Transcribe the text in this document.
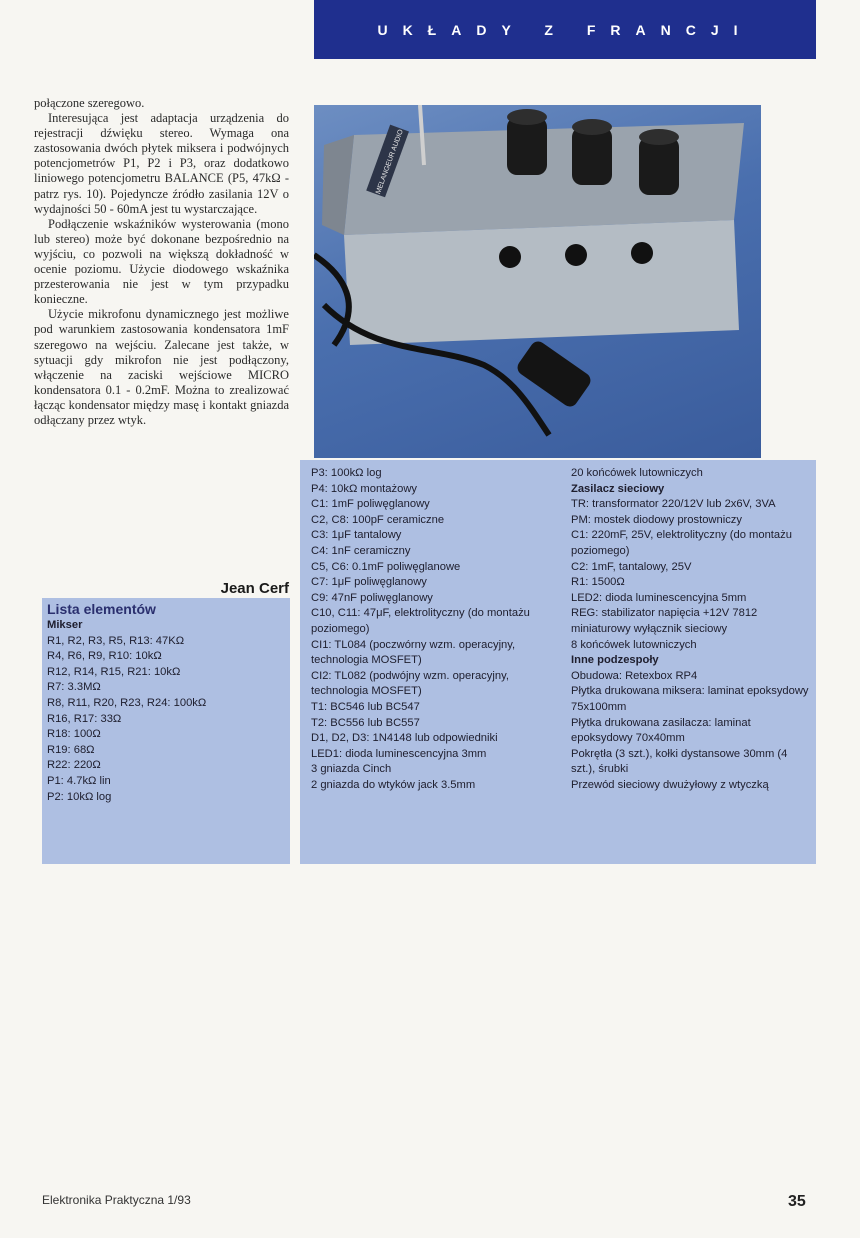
UKŁADY Z FRANCJI

połączone szeregowo.

Interesująca jest adaptacja urządzenia do rejestracji dźwięku stereo. Wymaga ona zastosowania dwóch płytek miksera i podwójnych potencjometrów P1, P2 i P3, oraz dodatkowo liniowego potencjometru BALANCE (P5, 47kΩ - patrz rys. 10). Pojedyncze źródło zasilania 12V o wydajności 50 - 60mA jest tu wystarczające.

Podłączenie wskaźników wysterowania (mono lub stereo) może być dokonane bezpośrednio na wyjściu, co pozwoli na większą dokładność w ocenie poziomu. Użycie diodowego wskaźnika przesterowania nie jest w tym przypadku konieczne.

Użycie mikrofonu dynamicznego jest możliwe pod warunkiem zastosowania kondensatora 1mF szeregowo na wejściu. Zalecane jest także, w sytuacji gdy mikrofon nie jest podłączony, włączenie na zaciski wejściowe MICRO kondensatora 0.1 - 0.2mF. Można to zrealizować łącząc kondensator między masę i kontakt gniazda odłączany przez wtyk.

Jean Cerf
MELANGEUR AUDIO
Lista elementów
Mikser
R1, R2, R3, R5, R13: 47KΩ
R4, R6, R9, R10: 10kΩ
R12, R14, R15, R21: 10kΩ
R7: 3.3MΩ
R8, R11, R20, R23, R24: 100kΩ
R16, R17: 33Ω
R18: 100Ω
R19: 68Ω
R22: 220Ω
P1: 4.7kΩ lin
P2: 10kΩ log
P3: 100kΩ log
P4: 10kΩ montażowy
C1: 1mF poliwęglanowy
C2, C8: 100pF ceramiczne
C3: 1μF tantalowy
C4: 1nF ceramiczny
C5, C6: 0.1mF poliwęglanowe
C7: 1μF poliwęglanowy
C9: 47nF poliwęglanowy
C10, C11: 47μF, elektrolityczny (do montażu poziomego)
CI1: TL084 (poczwórny wzm. operacyjny, technologia MOSFET)
CI2: TL082 (podwójny wzm. operacyjny, technologia MOSFET)
T1: BC546 lub BC547
T2: BC556 lub BC557
D1, D2, D3: 1N4148 lub odpowiedniki
LED1: dioda luminescencyjna 3mm
3 gniazda Cinch
2 gniazda do wtyków jack 3.5mm
20 końcówek lutowniczych
Zasilacz sieciowy
TR: transformator 220/12V lub 2x6V, 3VA
PM: mostek diodowy prostowniczy
C1: 220mF, 25V, elektrolityczny (do montażu poziomego)
C2: 1mF, tantalowy, 25V
R1: 1500Ω
LED2: dioda luminescencyjna 5mm
REG: stabilizator napięcia +12V 7812 miniaturowy wyłącznik sieciowy
8 końcówek lutowniczych
Inne podzespoły
Obudowa: Retexbox RP4
Płytka drukowana miksera: laminat epoksydowy 75x100mm
Płytka drukowana zasilacza: laminat epoksydowy 70x40mm
Pokrętła (3 szt.), kołki dystansowe 30mm (4 szt.), śrubki
Przewód sieciowy dwużyłowy z wtyczką
Elektronika Praktyczna 1/93	35
